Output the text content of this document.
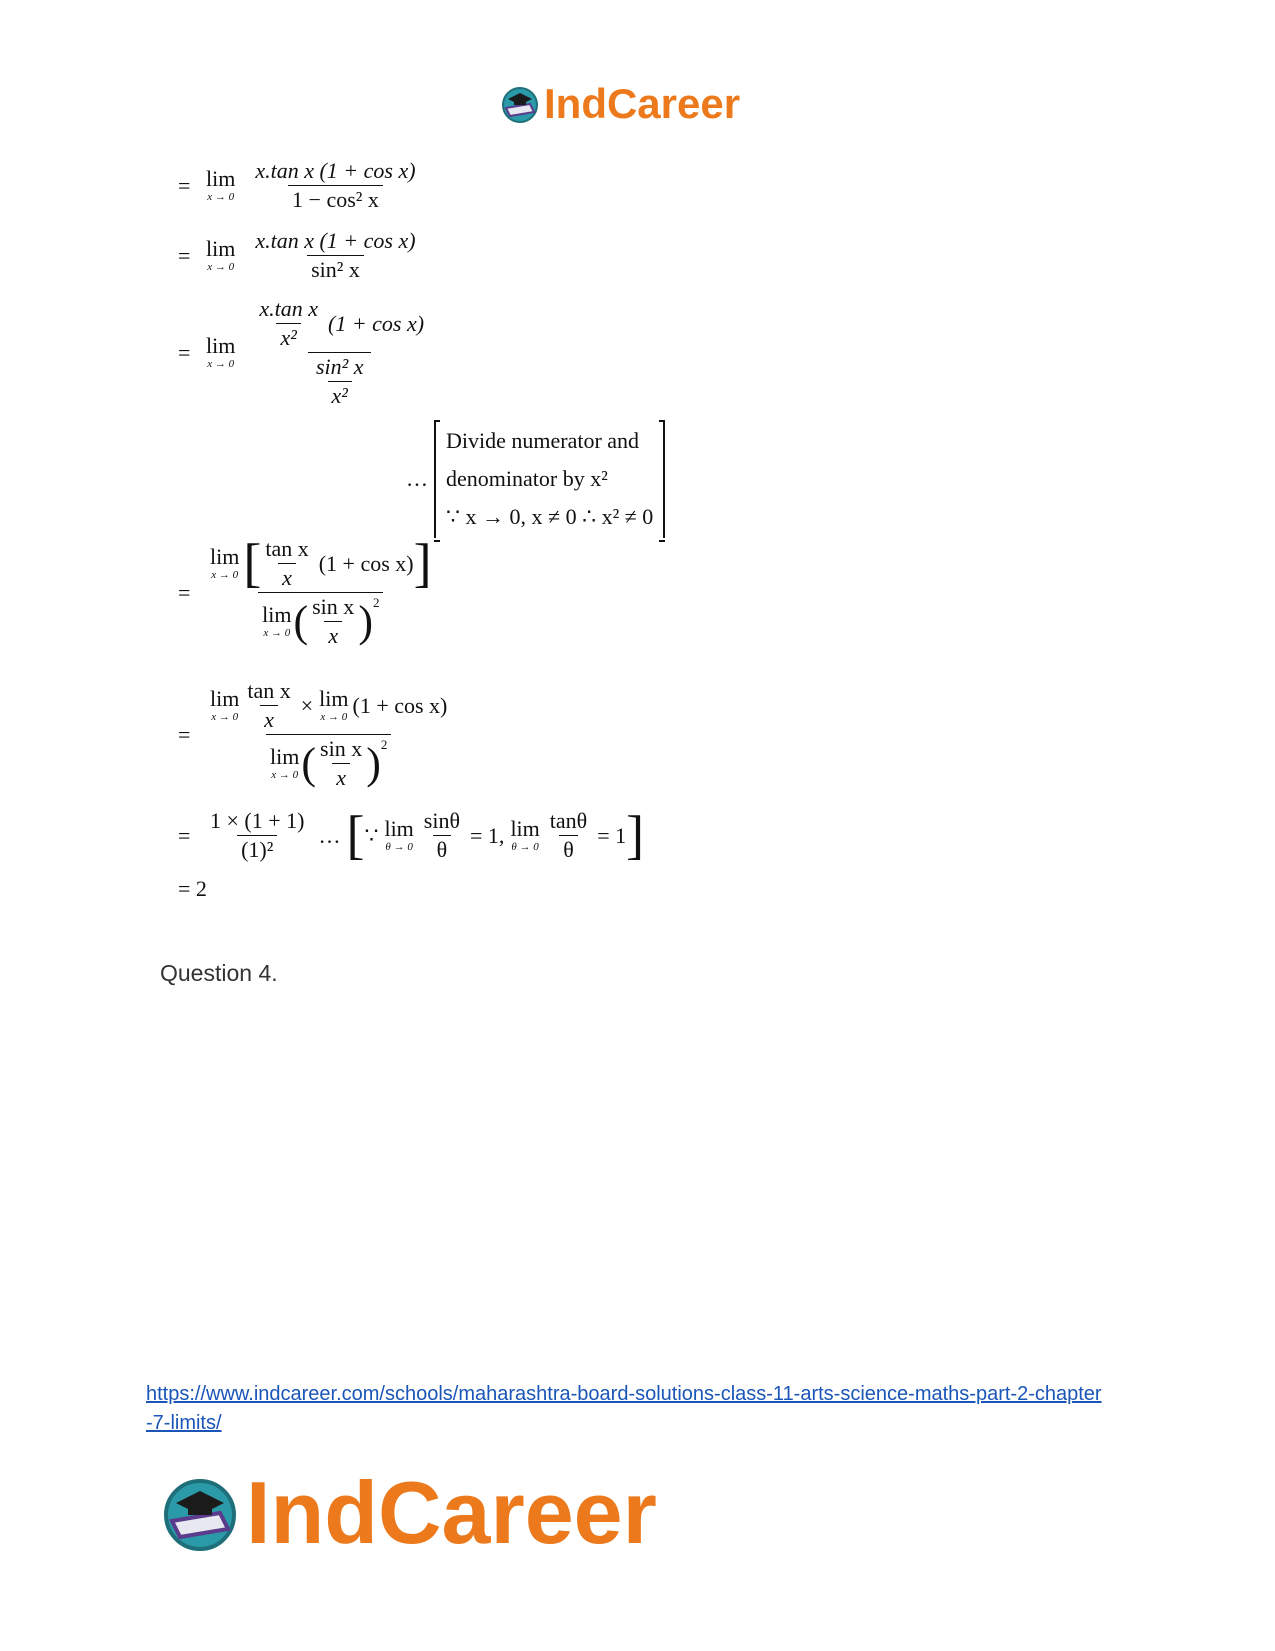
IndCareer
= lim
$x \to 0 \frac{\text{x.tan x (1 + cos x)}}{\text{1 − cos² x}}$
= lim
$x \to 0 \frac{\text{x.tan x (1 + cos x)}}{\text{sin² x}}$
= lim
$x \to 0 \frac{\frac{\text{x.tan x}}{\text{x²}} (1 + \cos x)}{\frac{\text{sin² x}}{\text{x²}}}$
…
Divide numerator and
denominator by x²
∵ x → 0, x ≠ 0 ∴ x² ≠ 0
=
lim
x → 0 [ $\frac{\text{tan x}}{x} (1 + \cos x)$ ]
lim
x → 0 ( $\frac{\text{sin x}}{x} )^2$
=
lim
$x \to 0 \frac{\text{tan x}}{x} \times \lim$
x → 0 (1 + cos x)
lim
x → 0 ( $\frac{\text{sin x}}{x} )^2$
= $\frac{1 \times (1 + 1)}{\text{(1)²}}$ … [ ∵ lim
$\theta \to 0 \frac{\sin\theta}{\theta} = 1$, lim
$\theta \to 0 \frac{\tan\theta}{\theta} = 1$ ]
= 2
Question 4.
https://www.indcareer.com/schools/maharashtra-board-solutions-class-11-arts-science-maths-part-2-chapter-7-limits/
IndCareer
